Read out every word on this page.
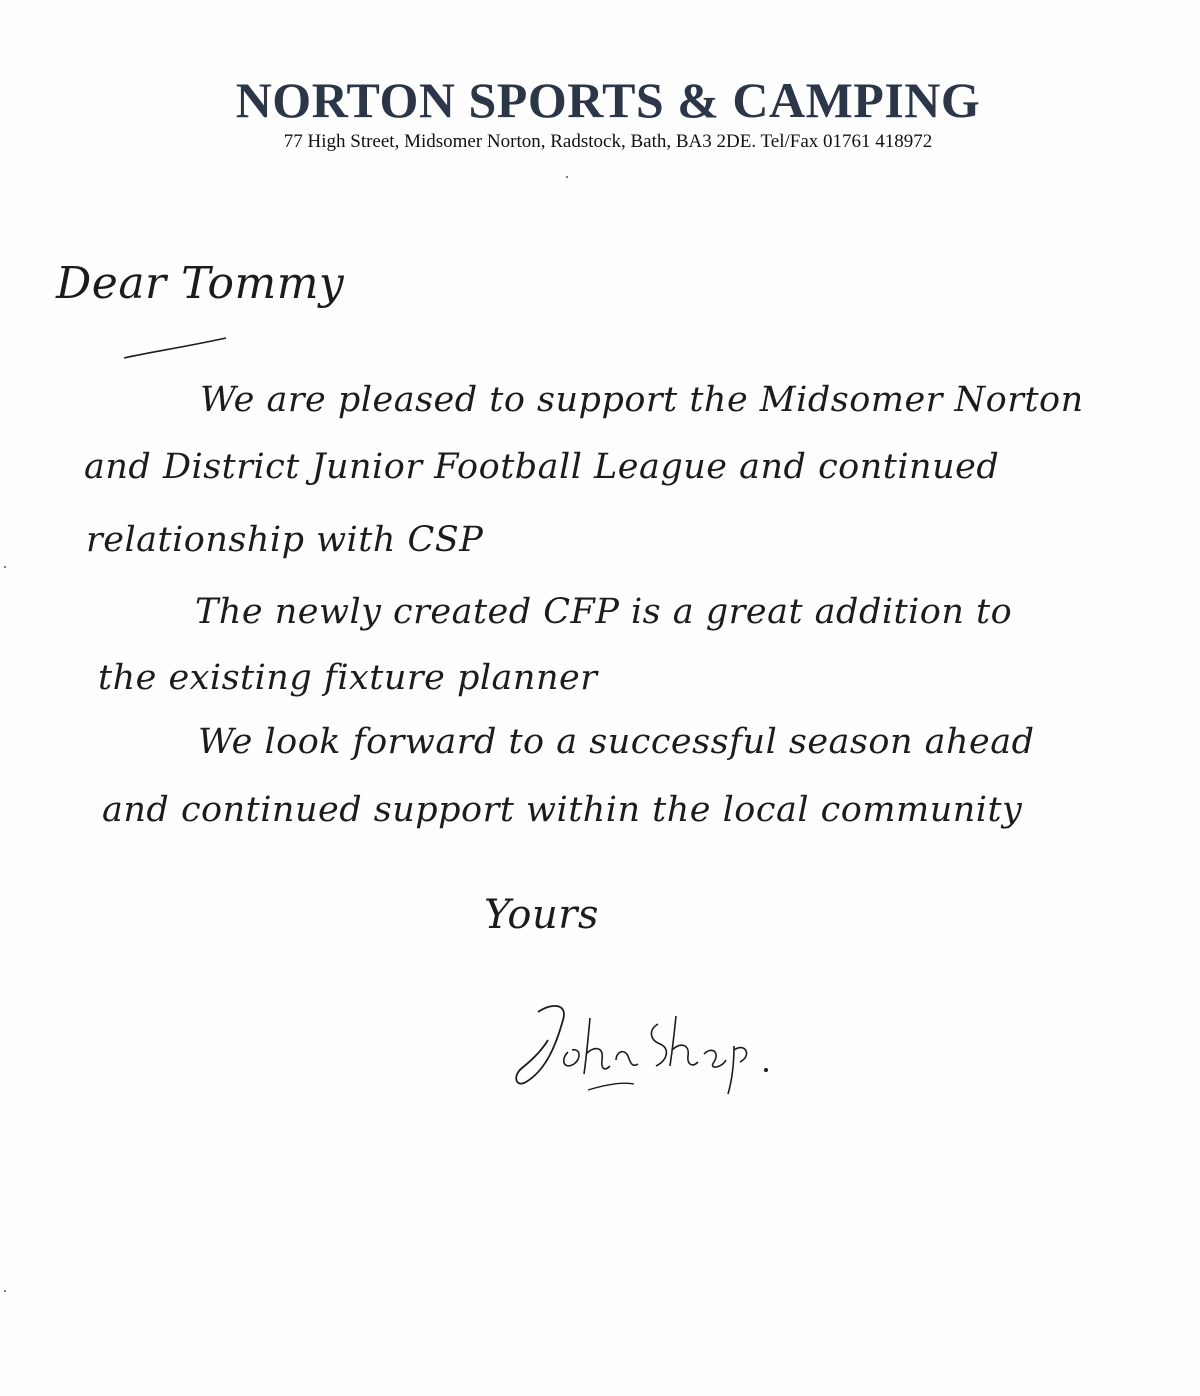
NORTON SPORTS & CAMPING
77 High Street, Midsomer Norton, Radstock, Bath, BA3 2DE. Tel/Fax 01761 418972
Dear Tommy
We are pleased to support the Midsomer Norton
and District Junior Football League and continued
relationship with CSP
The newly created CFP is a great addition to
the existing fixture planner
We look forward to a successful season ahead
and continued support within the local community
Yours
